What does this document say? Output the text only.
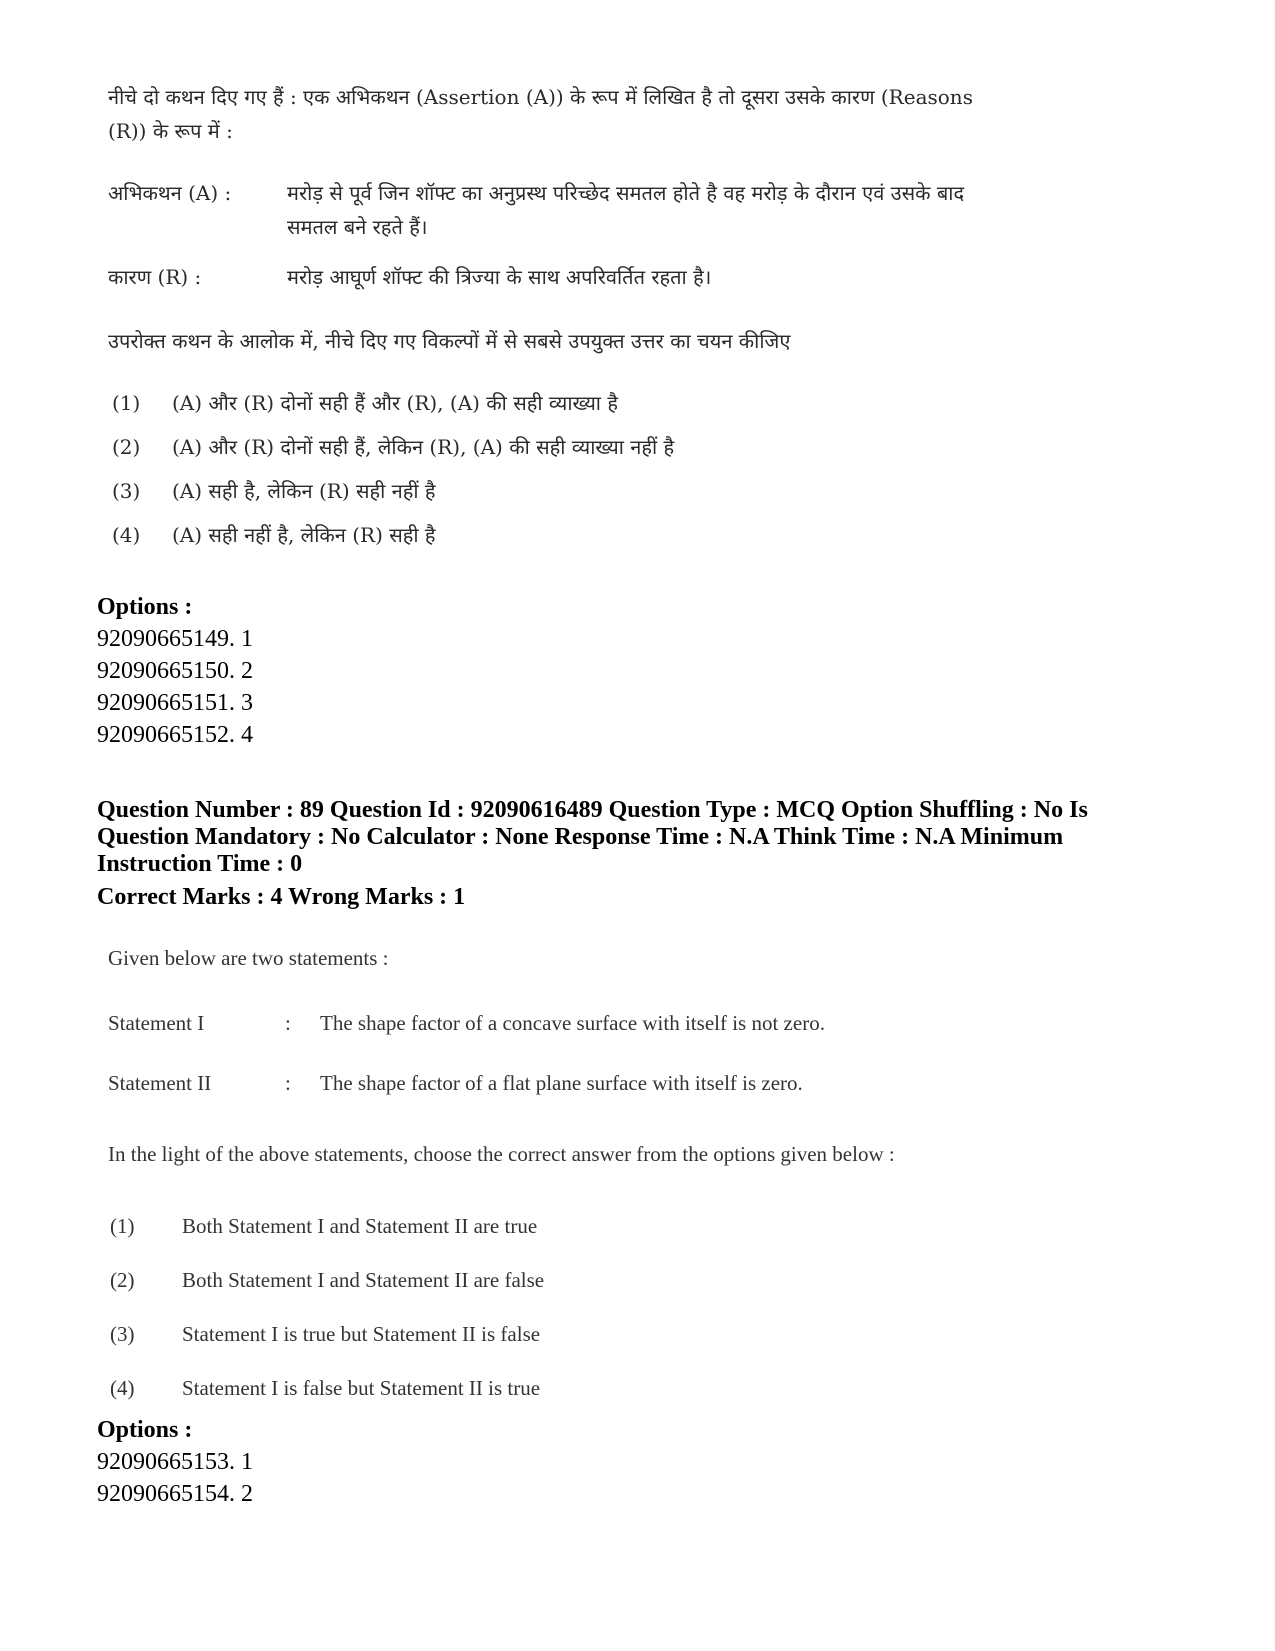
नीचे दो कथन दिए गए हैं : एक अभिकथन (Assertion (A)) के रूप में लिखित है तो दूसरा उसके कारण (Reasons
(R)) के रूप में :
अभिकथन (A) :	मरोड़ से पूर्व जिन शॉफ्ट का अनुप्रस्थ परिच्छेद समतल होते है वह मरोड़ के दौरान एवं उसके बाद
समतल बने रहते हैं।
कारण (R) :	मरोड़ आघूर्ण शॉफ्ट की त्रिज्या के साथ अपरिवर्तित रहता है।
उपरोक्त कथन के आलोक में, नीचे दिए गए विकल्पों में से सबसे उपयुक्त उत्तर का चयन कीजिए
(1)	(A) और (R) दोनों सही हैं और (R), (A) की सही व्याख्या है
(2)	(A) और (R) दोनों सही हैं, लेकिन (R), (A) की सही व्याख्या नहीं है
(3)	(A) सही है, लेकिन (R) सही नहीं है
(4)	(A) सही नहीं है, लेकिन (R) सही है
Options :
92090665149. 1
92090665150. 2
92090665151. 3
92090665152. 4
Question Number : 89 Question Id : 92090616489 Question Type : MCQ Option Shuffling : No Is
Question Mandatory : No Calculator : None Response Time : N.A Think Time : N.A Minimum
Instruction Time : 0
Correct Marks : 4 Wrong Marks : 1
Given below are two statements :
Statement I	: The shape factor of a concave surface with itself is not zero.
Statement II	: The shape factor of a flat plane surface with itself is zero.
In the light of the above statements, choose the correct answer from the options given below :
(1)	Both Statement I and Statement II are true
(2)	Both Statement I and Statement II are false
(3)	Statement I is true but Statement II is false
(4)	Statement I is false but Statement II is true
Options :
92090665153. 1
92090665154. 2
